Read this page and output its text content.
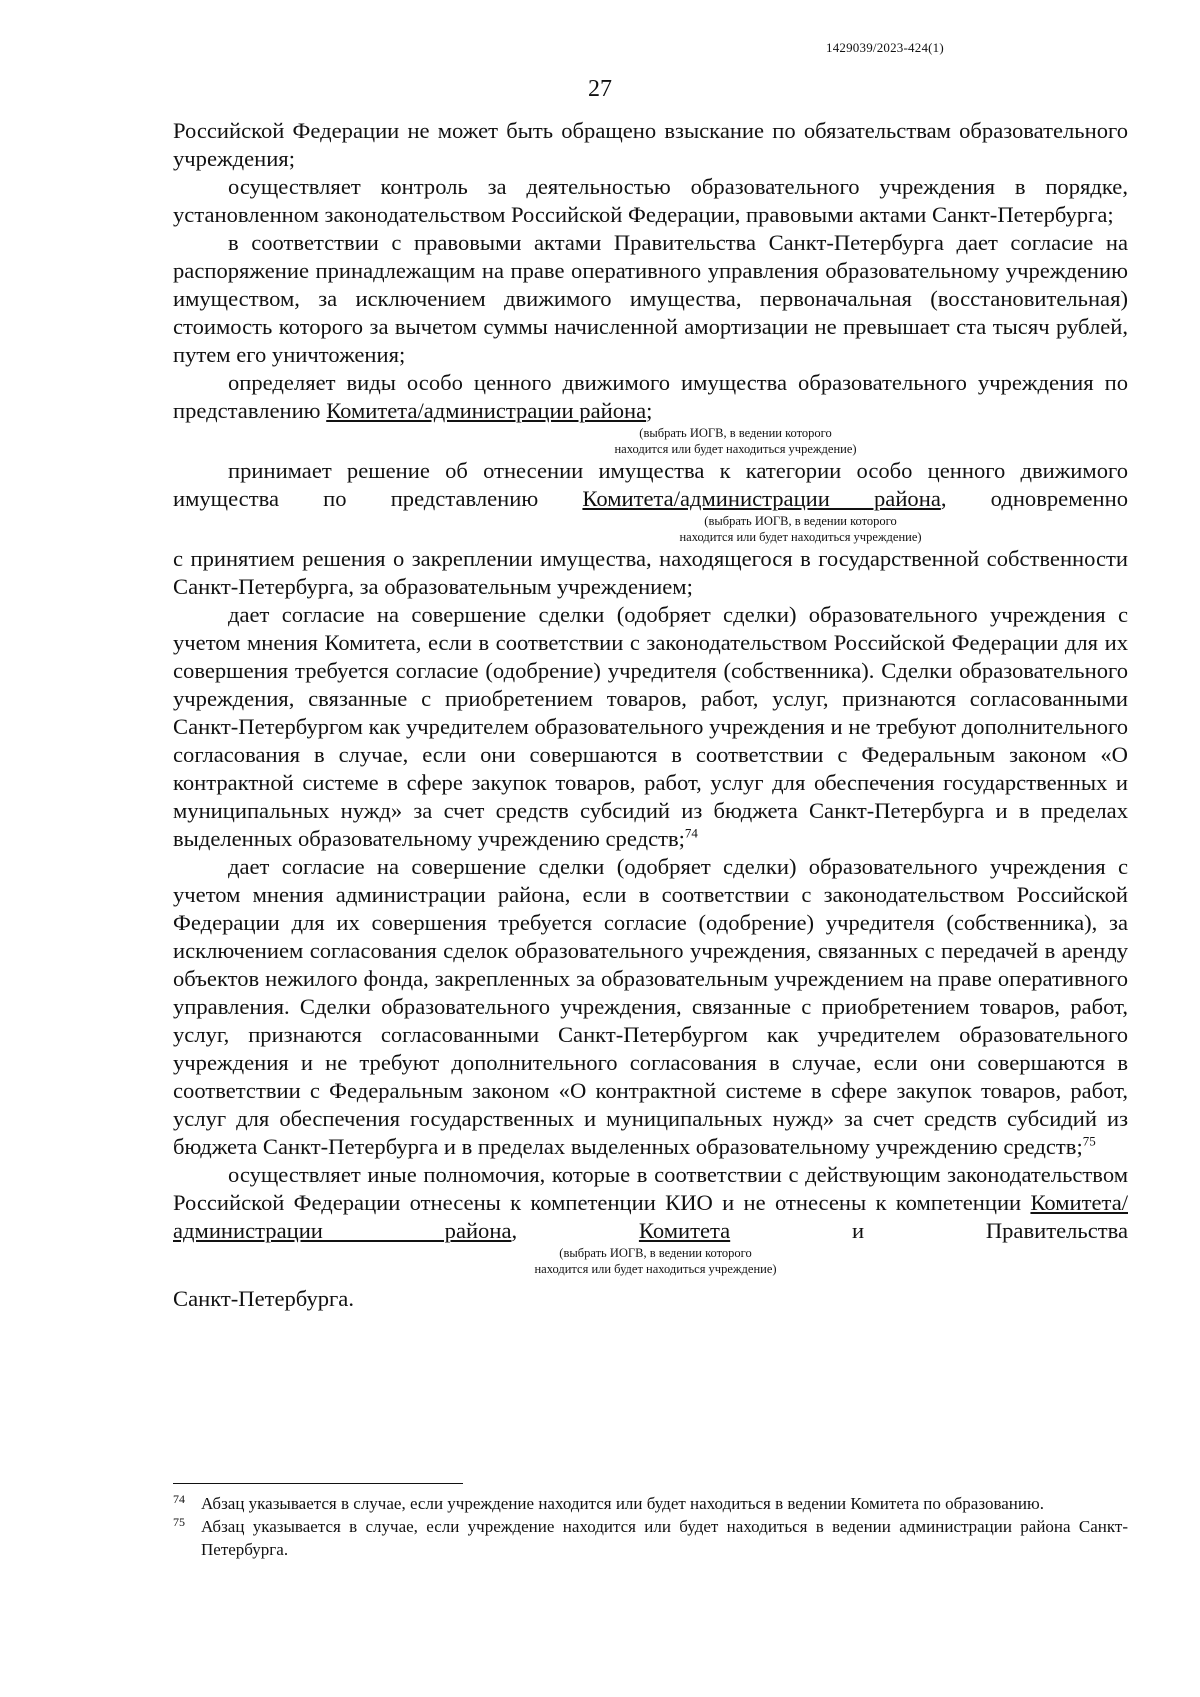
1429039/2023-424(1)
27

Российской Федерации не может быть обращено взыскание по обязательствам образовательного учреждения;

осуществляет контроль за деятельностью образовательного учреждения в порядке, установленном законодательством Российской Федерации, правовыми актами Санкт-Петербурга;

в соответствии с правовыми актами Правительства Санкт-Петербурга дает согласие на распоряжение принадлежащим на праве оперативного управления образовательному учреждению имуществом, за исключением движимого имущества, первоначальная (восстановительная) стоимость которого за вычетом суммы начисленной амортизации не превышает ста тысяч рублей, путем его уничтожения;

определяет виды особо ценного движимого имущества образовательного учреждения по представлению Комитета/администрации района;

(выбрать ИОГВ, в ведении которого

находится или будет находиться учреждение)

принимает решение об отнесении имущества к категории особо ценного движимого имущества по представлению Комитета/администрации района, одновременно

(выбрать ИОГВ, в ведении которого

находится или будет находиться учреждение)

с принятием решения о закреплении имущества, находящегося в государственной собственности Санкт-Петербурга, за образовательным учреждением;

дает согласие на совершение сделки (одобряет сделки) образовательного учреждения с учетом мнения Комитета, если в соответствии с законодательством Российской Федерации для их совершения требуется согласие (одобрение) учредителя (собственника). Сделки образовательного учреждения, связанные с приобретением товаров, работ, услуг, признаются согласованными Санкт-Петербургом как учредителем образовательного учреждения и не требуют дополнительного согласования в случае, если они совершаются в соответствии с Федеральным законом «О контрактной системе в сфере закупок товаров, работ, услуг для обеспечения государственных и муниципальных нужд» за счет средств субсидий из бюджета Санкт-Петербурга и в пределах выделенных образовательному учреждению средств;$^{74}$

дает согласие на совершение сделки (одобряет сделки) образовательного учреждения с учетом мнения администрации района, если в соответствии с законодательством Российской Федерации для их совершения требуется согласие (одобрение) учредителя (собственника), за исключением согласования сделок образовательного учреждения, связанных с передачей в аренду объектов нежилого фонда, закрепленных за образовательным учреждением на праве оперативного управления. Сделки образовательного учреждения, связанные с приобретением товаров, работ, услуг, признаются согласованными Санкт-Петербургом как учредителем образовательного учреждения и не требуют дополнительного согласования в случае, если они совершаются в соответствии с Федеральным законом «О контрактной системе в сфере закупок товаров, работ, услуг для обеспечения государственных и муниципальных нужд» за счет средств субсидий из бюджета Санкт-Петербурга и в пределах выделенных образовательному учреждению средств;$^{75}$

осуществляет иные полномочия, которые в соответствии с действующим законодательством Российской Федерации отнесены к компетенции КИО и не отнесены к компетенции Комитета/администрации района, Комитета и Правительства

(выбрать ИОГВ, в ведении которого

находится или будет находиться учреждение)

Санкт-Петербурга.

74 Абзац указывается в случае, если учреждение находится или будет находиться в ведении Комитета по образованию.

75 Абзац указывается в случае, если учреждение находится или будет находиться в ведении администрации района Санкт-Петербурга.
